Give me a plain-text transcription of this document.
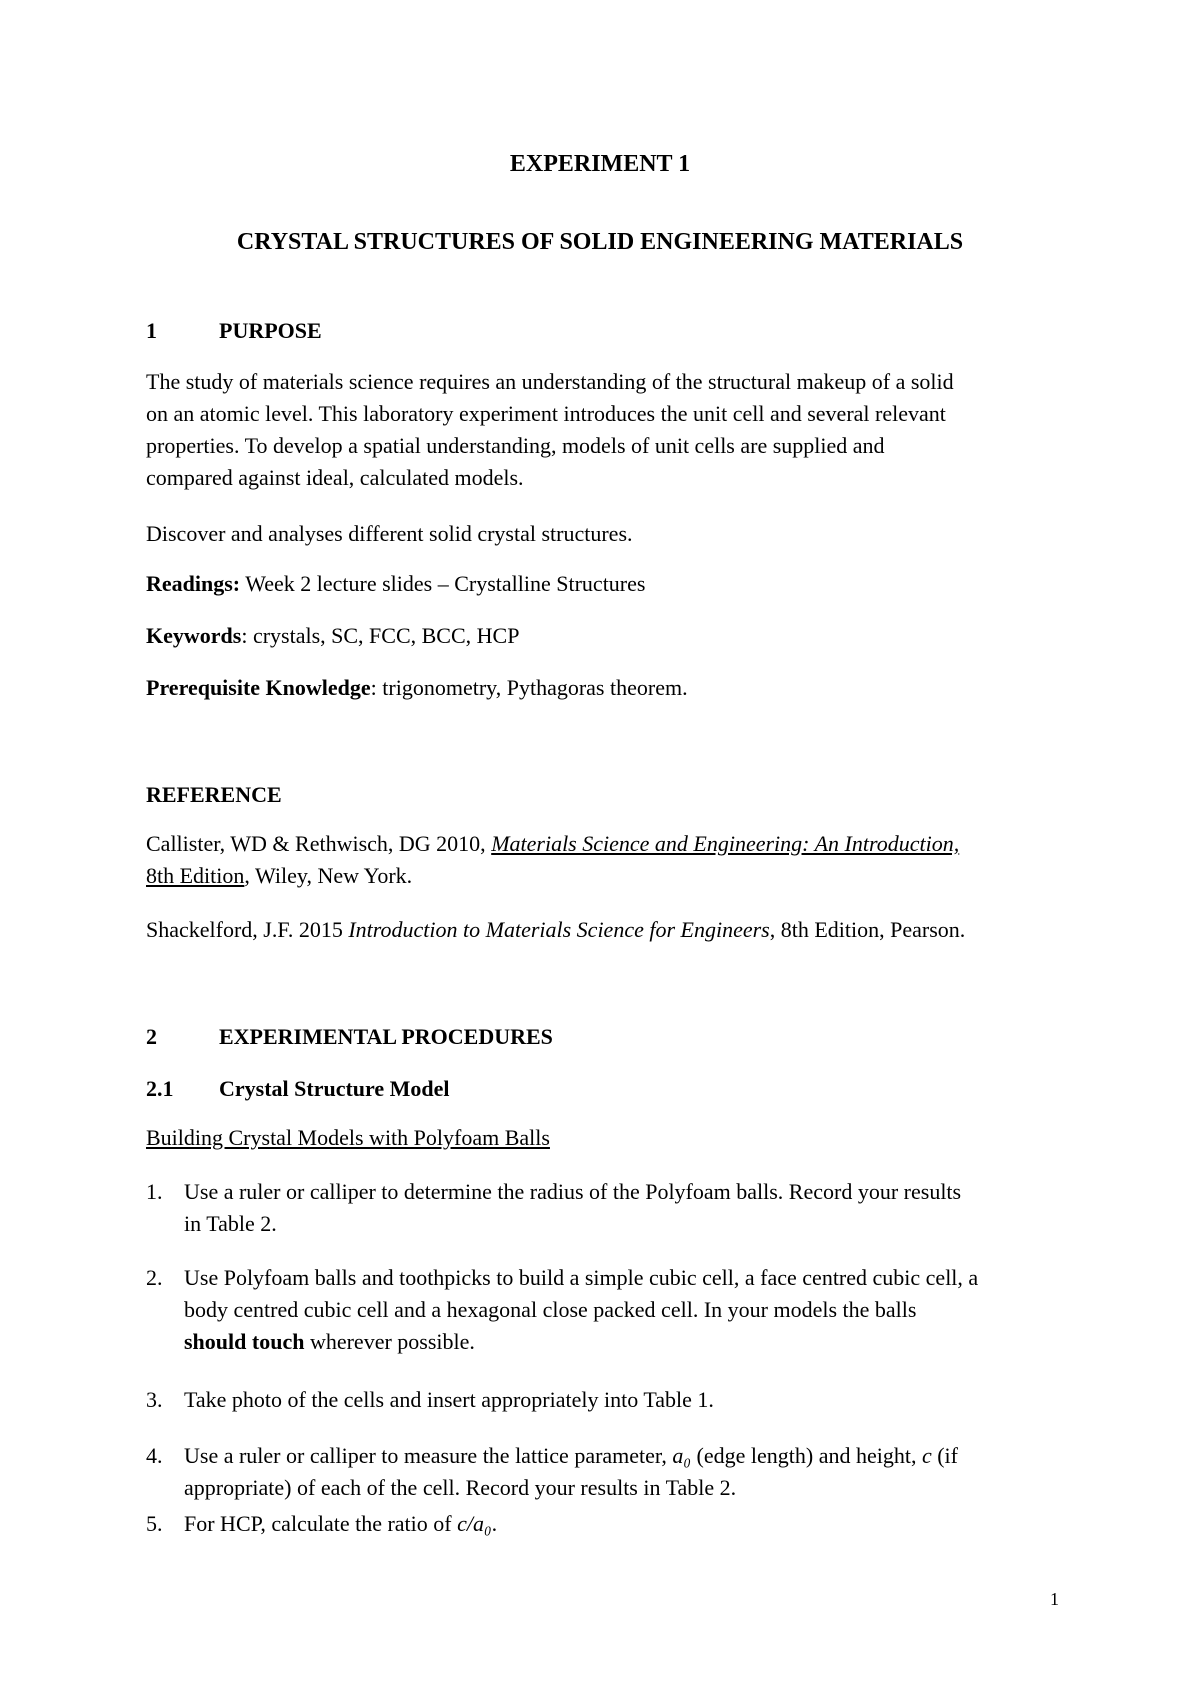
EXPERIMENT 1
CRYSTAL STRUCTURES OF SOLID ENGINEERING MATERIALS
1	PURPOSE
The study of materials science requires an understanding of the structural makeup of a solid
on an atomic level. This laboratory experiment introduces the unit cell and several relevant
properties. To develop a spatial understanding, models of unit cells are supplied and
compared against ideal, calculated models.
Discover and analyses different solid crystal structures.
Readings: Week 2 lecture slides – Crystalline Structures
Keywords: crystals, SC, FCC, BCC, HCP
Prerequisite Knowledge: trigonometry, Pythagoras theorem.
REFERENCE
Callister, WD & Rethwisch, DG 2010, Materials Science and Engineering: An Introduction,
8th Edition, Wiley, New York.
Shackelford, J.F. 2015 Introduction to Materials Science for Engineers, 8th Edition, Pearson.
2	EXPERIMENTAL PROCEDURES
2.1 Crystal Structure Model
Building Crystal Models with Polyfoam Balls
1. Use a ruler or calliper to determine the radius of the Polyfoam balls. Record your results
in Table 2.
2. Use Polyfoam balls and toothpicks to build a simple cubic cell, a face centred cubic cell, a
body centred cubic cell and a hexagonal close packed cell. In your models the balls
should touch wherever possible.
3. Take photo of the cells and insert appropriately into Table 1.
4. Use a ruler or calliper to measure the lattice parameter, a₀ (edge length) and height, c (if
appropriate) of each of the cell. Record your results in Table 2.
5. For HCP, calculate the ratio of c/a₀.
1
